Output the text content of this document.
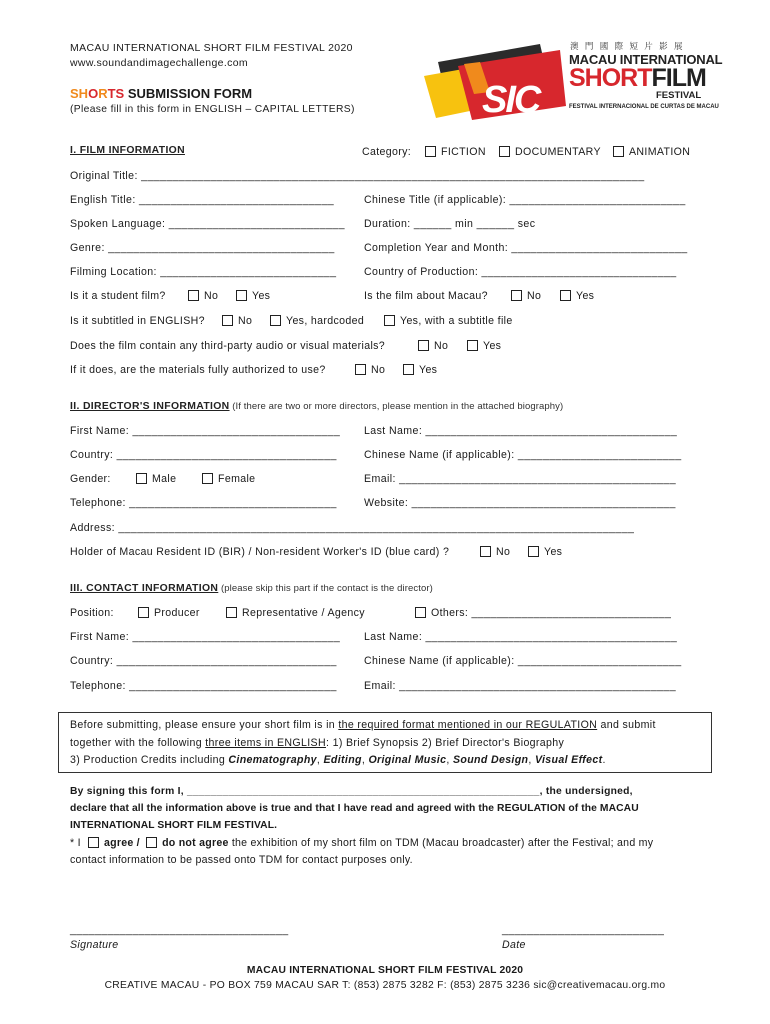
MACAU INTERNATIONAL SHORT FILM FESTIVAL 2020
www.soundandimagechallenge.com
SHORTS SUBMISSION FORM
(Please fill in this form in ENGLISH – CAPITAL LETTERS)	SIC
澳 門 國 際 短 片 影 展
MACAU INTERNATIONAL
SHORTFILM
FESTIVAL
FESTIVAL INTERNACIONAL DE CURTAS DE MACAU
I. FILM INFORMATION	Category:	FICTION	DOCUMENTARY	ANIMATION
Original Title: ________________________________________________________________________________
English Title: _______________________________	Chinese Title (if applicable): ____________________________
Spoken Language: ____________________________ Duration: ______ min ______ sec
Genre: ____________________________________	Completion Year and Month: ____________________________
Filming Location: ____________________________	Country of Production: _______________________________
Is it a student film?	No	Yes	Is the film about Macau?	No	Yes
Is it subtitled in ENGLISH?	No	Yes, hardcoded	Yes, with a subtitle file
Does the film contain any third-party audio or visual materials?	No	Yes
If it does, are the materials fully authorized to use?	No	Yes
II. DIRECTOR'S INFORMATION (If there are two or more directors, please mention in the attached biography)
First Name: _________________________________ Last Name: ________________________________________
Country: ___________________________________	Chinese Name (if applicable): __________________________
Gender:	Male	Female	Email: ____________________________________________
Telephone: _________________________________	Website: __________________________________________
Address: __________________________________________________________________________________
Holder of Macau Resident ID (BIR) / Non-resident Worker's ID (blue card) ?	No	Yes
III. CONTACT INFORMATION (please skip this part if the contact is the director)
Position:	Producer	Representative / Agency	Others: ________________________________
First Name: _________________________________ Last Name: ________________________________________
Country: ___________________________________	Chinese Name (if applicable): __________________________
Telephone: _________________________________	Email: ____________________________________________
Before submitting, please ensure your short film is in the required format mentioned in our REGULATION and submit
together with the following three items in ENGLISH: 1) Brief Synopsis 2) Brief Director's Biography
3) Production Credits including Cinematography, Editing, Original Music, Sound Design, Visual Effect.
By signing this form I, ___________________________________________________________, the undersigned,
declare that all the information above is true and that I have read and agreed with the REGULATION of the MACAU
INTERNATIONAL SHORT FILM FESTIVAL.
* I agree / do not agree the exhibition of my short film on TDM (Macau broadcaster) after the Festival; and my
contact information to be passed onto TDM for contact purposes only.
___________________________________
Signature
__________________________
Date
MACAU INTERNATIONAL SHORT FILM FESTIVAL 2020
CREATIVE MACAU - PO BOX 759 MACAU SAR T: (853) 2875 3282 F: (853) 2875 3236 sic@creativemacau.org.mo
